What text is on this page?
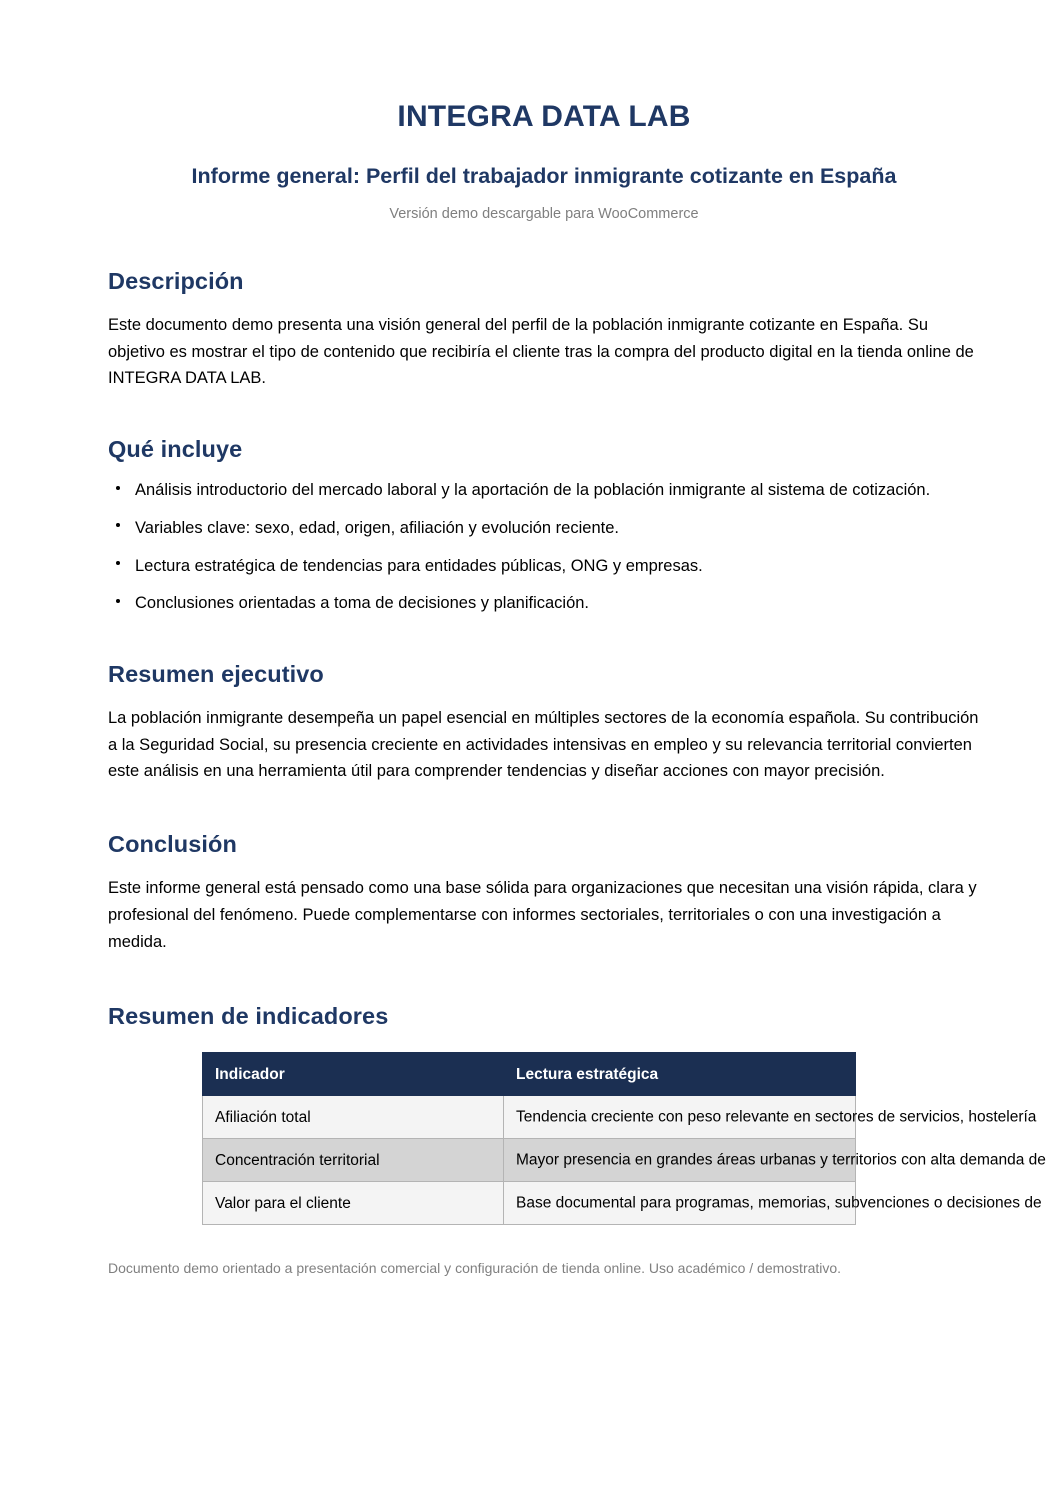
INTEGRA DATA LAB
Informe general: Perfil del trabajador inmigrante cotizante en España

Versión demo descargable para WooCommerce

Descripción

Este documento demo presenta una visión general del perfil de la población inmigrante cotizante en España. Su objetivo es mostrar el tipo de contenido que recibiría el cliente tras la compra del producto digital en la tienda online de INTEGRA DATA LAB.

Qué incluye
Análisis introductorio del mercado laboral y la aportación de la población inmigrante al sistema de cotización.
Variables clave: sexo, edad, origen, afiliación y evolución reciente.
Lectura estratégica de tendencias para entidades públicas, ONG y empresas.
Conclusiones orientadas a toma de decisiones y planificación.
Resumen ejecutivo

La población inmigrante desempeña un papel esencial en múltiples sectores de la economía española. Su contribución a la Seguridad Social, su presencia creciente en actividades intensivas en empleo y su relevancia territorial convierten este análisis en una herramienta útil para comprender tendencias y diseñar acciones con mayor precisión.

Conclusión

Este informe general está pensado como una base sólida para organizaciones que necesitan una visión rápida, clara y profesional del fenómeno. Puede complementarse con informes sectoriales, territoriales o con una investigación a medida.

Resumen de indicadores
Indicador	Lectura estratégica
Afiliación total	Tendencia creciente con peso relevante en sectores de servicios, hostelería

Concentración territorial	Mayor presencia en grandes áreas urbanas y territorios con alta demanda de

Valor para el cliente	Base documental para programas, memorias, subvenciones o decisiones de

Documento demo orientado a presentación comercial y configuración de tienda online. Uso académico / demostrativo.
